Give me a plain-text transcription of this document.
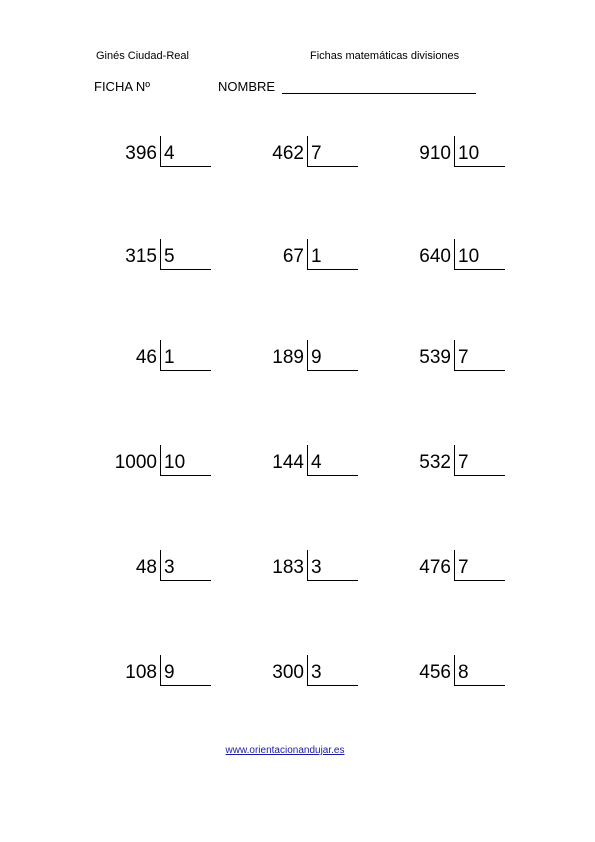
Ginés Ciudad-Real	Fichas matemáticas divisiones
FICHA Nº	NOMBRE
396 4	462 7	910 10
315 5	67 1	640 10
46 1	189 9	539 7
1000 10	144 4	532 7
48 3	183 3	476 7
108 9	300 3	456 8
www.orientacionandujar.es
